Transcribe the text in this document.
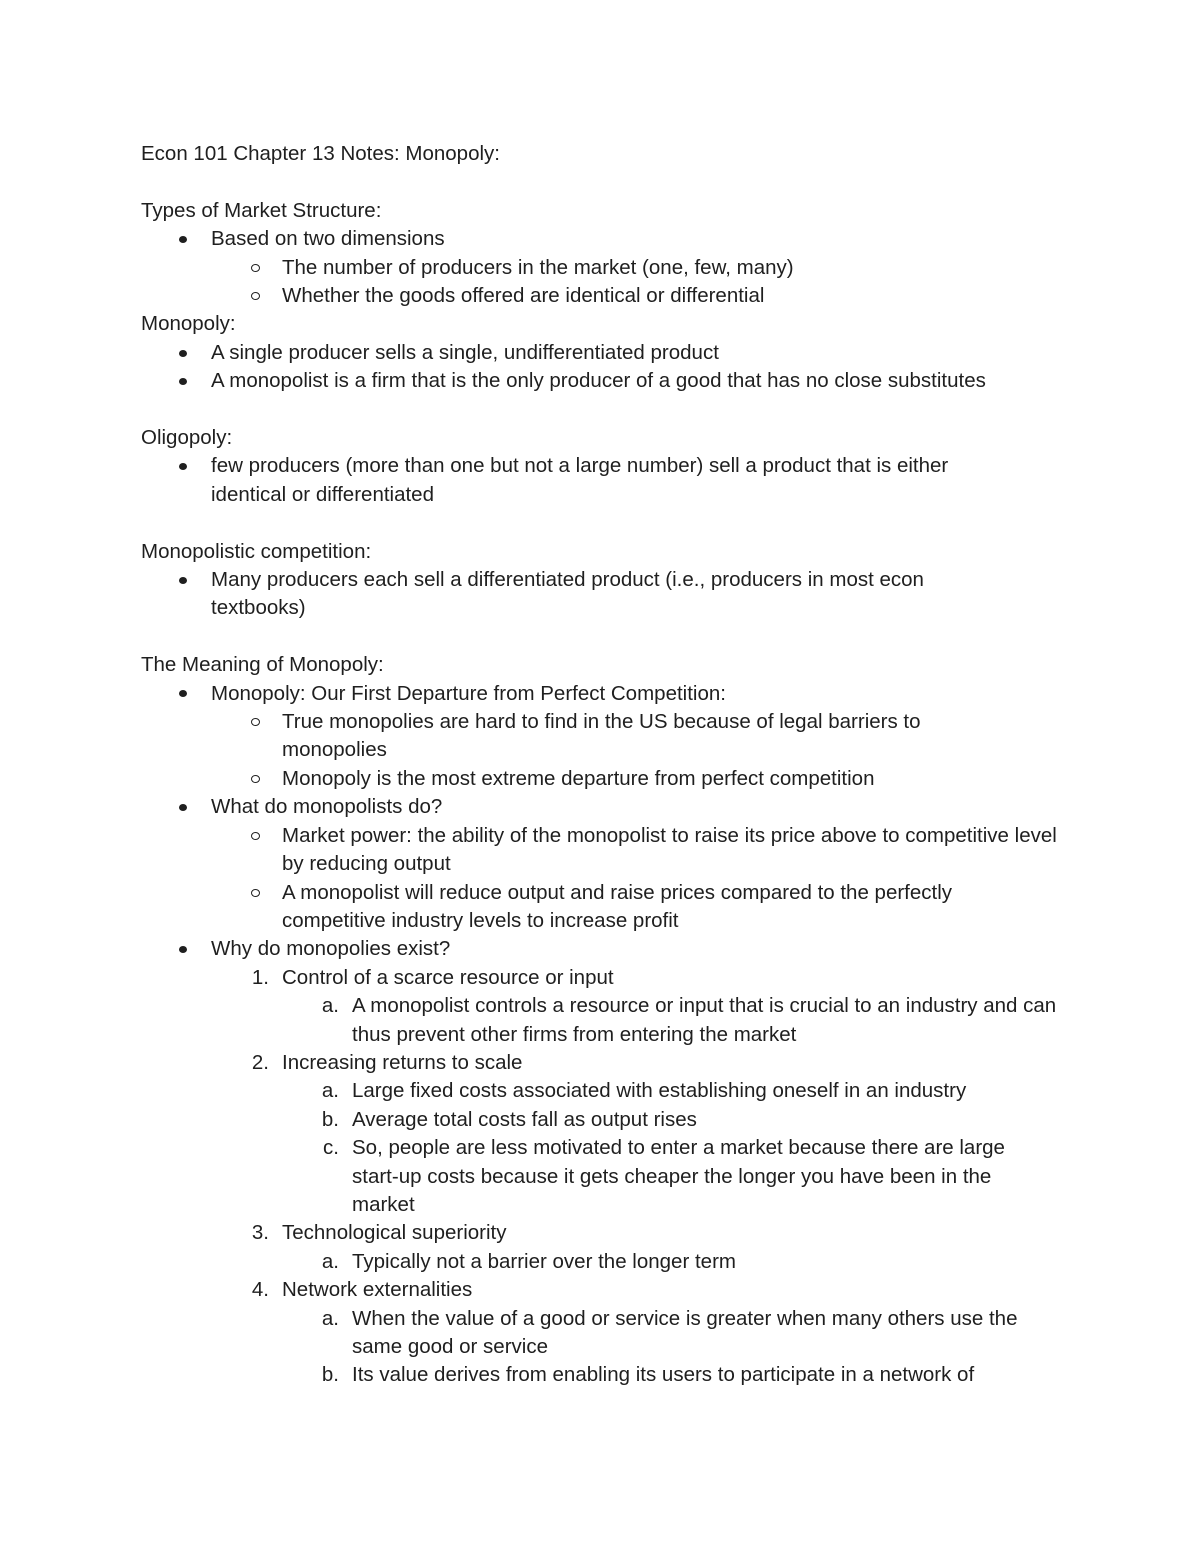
Econ 101 Chapter 13 Notes: Monopoly:

Types of Market Structure:

Based on two dimensions
The number of producers in the market (one, few, many)
Whether the goods offered are identical or differential

Monopoly:

A single producer sells a single, undifferentiated product
A monopolist is a firm that is the only producer of a good that has no close substitutes

Oligopoly:

few producers (more than one but not a large number) sell a product that is either identical or differentiated

Monopolistic competition:

Many producers each sell a differentiated product (i.e., producers in most econ textbooks)

The Meaning of Monopoly:

Monopoly: Our First Departure from Perfect Competition:
True monopolies are hard to find in the US because of legal barriers to monopolies
Monopoly is the most extreme departure from perfect competition
What do monopolists do?
Market power: the ability of the monopolist to raise its price above to competitive level by reducing output
A monopolist will reduce output and raise prices compared to the perfectly competitive industry levels to increase profit
Why do monopolies exist?
1. Control of a scarce resource or input
a. A monopolist controls a resource or input that is crucial to an industry and can thus prevent other firms from entering the market
2. Increasing returns to scale
a. Large fixed costs associated with establishing oneself in an industry
b. Average total costs fall as output rises
c. So, people are less motivated to enter a market because there are large start-up costs because it gets cheaper the longer you have been in the market
3. Technological superiority
a. Typically not a barrier over the longer term
4. Network externalities
a. When the value of a good or service is greater when many others use the same good or service
b. Its value derives from enabling its users to participate in a network of
